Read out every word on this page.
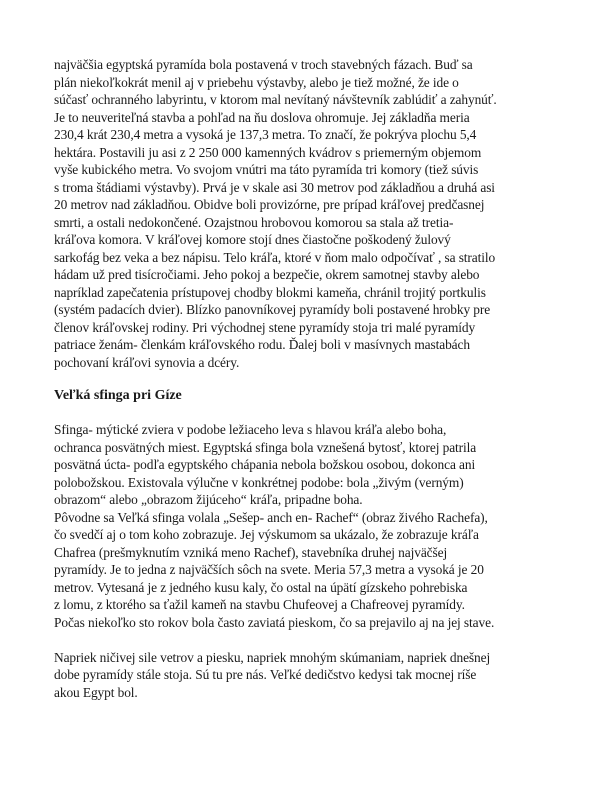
najväčšia egyptská pyramída bola postavená v troch stavebných fázach. Buď sa
plán niekoľkokrát menil aj v priebehu výstavby, alebo je tiež možné, že ide o
súčasť ochranného labyrintu, v ktorom mal nevítaný návštevník zablúdiť a zahynúť.
Je to neuveriteľná stavba a pohľad na ňu doslova ohromuje. Jej základňa meria
230,4 krát 230,4 metra a vysoká je 137,3 metra. To značí, že pokrýva plochu 5,4
hektára. Postavili ju asi z 2 250 000 kamenných kvádrov s priemerným objemom
vyše kubického metra. Vo svojom vnútri ma táto pyramída tri komory (tiež súvis
s troma štádiami výstavby). Prvá je v skale asi 30 metrov pod základňou a druhá asi
20 metrov nad základňou. Obidve boli provizórne, pre prípad kráľovej predčasnej
smrti, a ostali nedokončené. Ozajstnou hrobovou komorou sa stala až tretia-
kráľova komora. V kráľovej komore stojí dnes čiastočne poškodený žulový
sarkofág bez veka a bez nápisu. Telo kráľa, ktoré v ňom malo odpočívať , sa stratilo
hádam už pred tisícročiami. Jeho pokoj a bezpečie, okrem samotnej stavby alebo
napríklad zapečatenia prístupovej chodby blokmi kameňa, chránil trojitý portkulis
(systém padacích dvier). Blízko panovníkovej pyramídy boli postavené hrobky pre
členov kráľovskej rodiny. Pri východnej stene pyramídy stoja tri malé pyramídy
patriace ženám- členkám kráľovského rodu. Ďalej boli v masívnych mastabách
pochovaní kráľovi synovia a dcéry.
Veľká sfinga pri Gíze
Sfinga- mýtické zviera v podobe ležiaceho leva s hlavou kráľa alebo boha,
ochranca posvätných miest. Egyptská sfinga bola vznešená bytosť, ktorej patrila
posvätná úcta- podľa egyptského chápania nebola božskou osobou, dokonca ani
polobožskou. Existovala výlučne v konkrétnej podobe: bola „živým (verným)
obrazom“ alebo „obrazom žijúceho“ kráľa, pripadne boha.
Pôvodne sa Veľká sfinga volala „Sešep- anch en- Rachef“ (obraz živého Rachefa),
čo svedčí aj o tom koho zobrazuje. Jej výskumom sa ukázalo, že zobrazuje kráľa
Chafrea (prešmyknutím vzniká meno Rachef), stavebníka druhej najväčšej
pyramídy. Je to jedna z najväčších sôch na svete. Meria 57,3 metra a vysoká je 20
metrov. Vytesaná je z jedného kusu kaly, čo ostal na úpätí gízskeho pohrebiska
z lomu, z ktorého sa ťažil kameň na stavbu Chufeovej a Chafreovej pyramídy.
Počas niekoľko sto rokov bola často zaviatá pieskom, čo sa prejavilo aj na jej stave.
Napriek ničivej sile vetrov a piesku, napriek mnohým skúmaniam, napriek dnešnej
dobe pyramídy stále stoja. Sú tu pre nás. Veľké dedičstvo kedysi tak mocnej ríše
akou Egypt bol.
